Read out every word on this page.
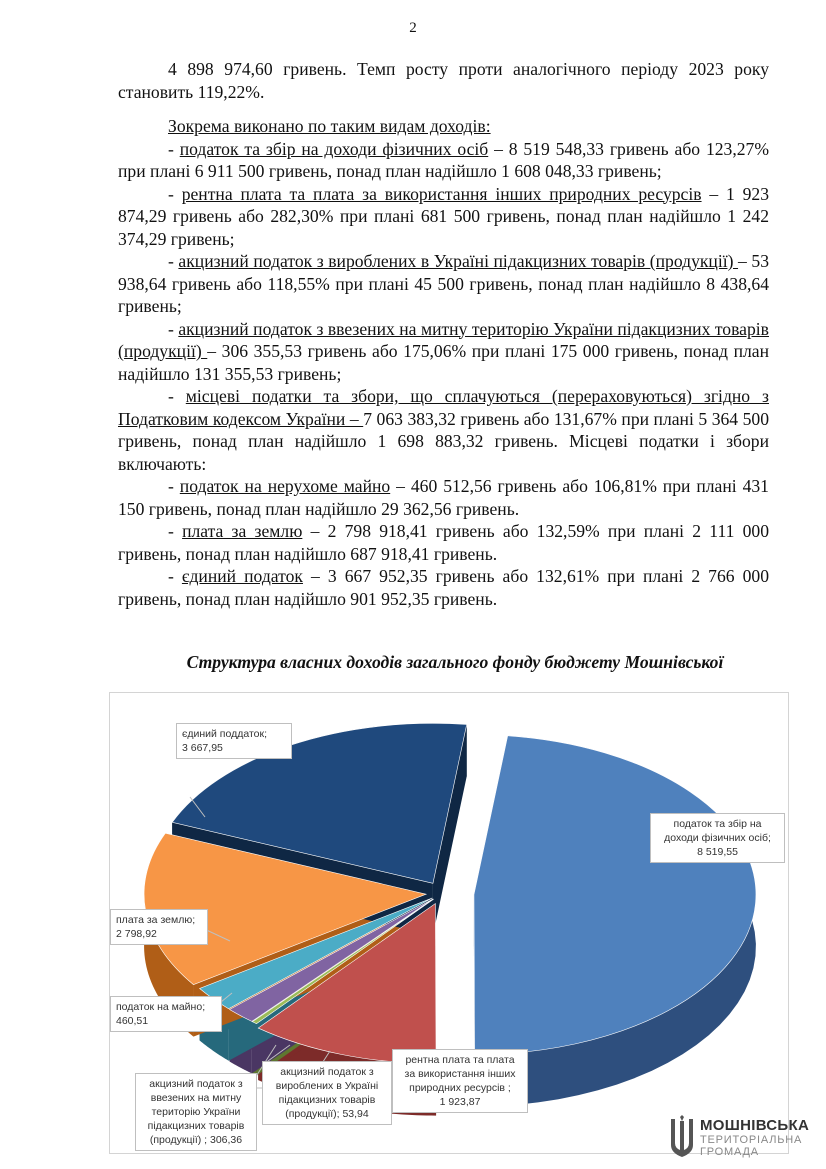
2

4 898 974,60 гривень. Темп росту проти аналогічного періоду 2023 року становить 119,22%.

Зокрема виконано по таким видам доходів:

- податок та збір на доходи фізичних осіб – 8 519 548,33 гривень або 123,27% при плані 6 911 500 гривень, понад план надійшло 1 608 048,33 гривень;

- рентна плата та плата за використання інших природних ресурсів – 1 923 874,29 гривень або 282,30% при плані 681 500 гривень, понад план надійшло 1 242 374,29 гривень;

- акцизний податок з вироблених в Україні підакцизних товарів (продукції) – 53 938,64 гривень або 118,55% при плані 45 500 гривень, понад план надійшло 8 438,64 гривень;

- акцизний податок з ввезених на митну територію України підакцизних товарів (продукції) – 306 355,53 гривень або 175,06% при плані 175 000 гривень, понад план надійшло 131 355,53 гривень;

- місцеві податки та збори, що сплачуються (перераховуються) згідно з Податковим кодексом України – 7 063 383,32 гривень або 131,67% при плані 5 364 500 гривень, понад план надійшло 1 698 883,32 гривень. Місцеві податки і збори включають:

- податок на нерухоме майно – 460 512,56 гривень або 106,81% при плані 431 150 гривень, понад план надійшло 29 362,56 гривень.

- плата за землю – 2 798 918,41 гривень або 132,59% при плані 2 111 000 гривень, понад план надійшло 687 918,41 гривень.

- єдиний податок – 3 667 952,35 гривень або 132,61% при плані 2 766 000 гривень, понад план надійшло 901 952,35 гривень.

Структура власних доходів загального фонду бюджету Мошнівської
податок та збір на
доходи фізичних осіб;
8 519,55
рентна плата та плата
за використання інших
природних ресурсів ;
1 923,87
акцизний податок з
вироблених в Україні
підакцизних товарів
(продукції); 53,94
акцизний податок з
ввезених на митну
територію України
підакцизних товарів
(продукції) ; 306,36
податок на майно;
460,51
плата за землю;
2 798,92
єдиний поддаток;
3 667,95
МОШНІВСЬКА
ТЕРИТОРІАЛЬНА
ГРОМАДА
